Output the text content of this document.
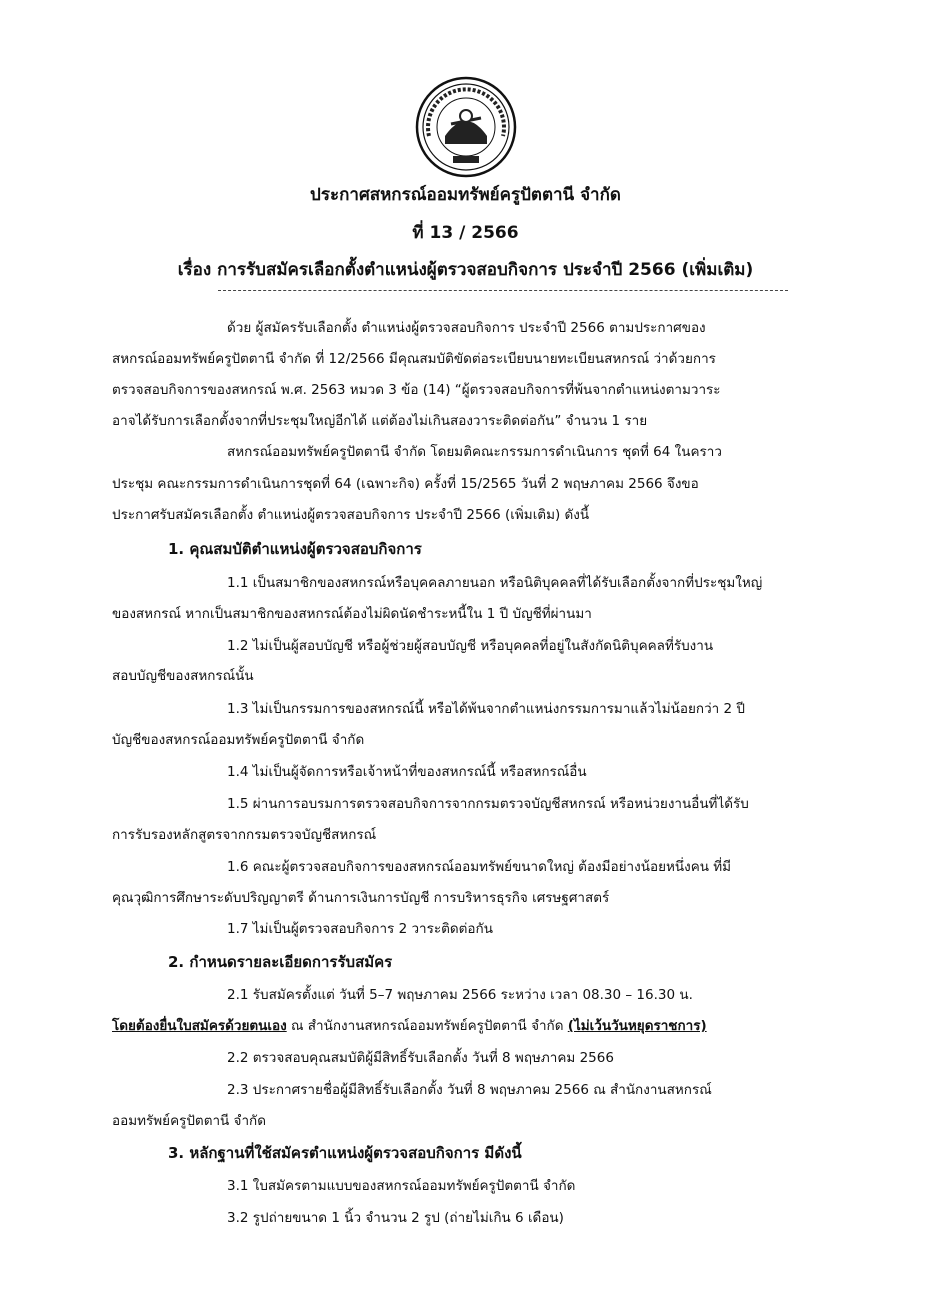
ประกาศสหกรณ์ออมทรัพย์ครูปัตตานี จำกัด
ที่ 13 / 2566
เรื่อง การรับสมัครเลือกตั้งตำแหน่งผู้ตรวจสอบกิจการ ประจำปี 2566 (เพิ่มเติม)
ด้วย ผู้สมัครรับเลือกตั้ง ตำแหน่งผู้ตรวจสอบกิจการ ประจำปี 2566 ตามประกาศของ
สหกรณ์ออมทรัพย์ครูปัตตานี จำกัด ที่ 12/2566 มีคุณสมบัติขัดต่อระเบียบนายทะเบียนสหกรณ์ ว่าด้วยการ
ตรวจสอบกิจการของสหกรณ์ พ.ศ. 2563 หมวด 3 ข้อ (14) “ผู้ตรวจสอบกิจการที่พ้นจากตำแหน่งตามวาระ
อาจได้รับการเลือกตั้งจากที่ประชุมใหญ่อีกได้ แต่ต้องไม่เกินสองวาระติดต่อกัน” จำนวน 1 ราย
สหกรณ์ออมทรัพย์ครูปัตตานี จำกัด โดยมติคณะกรรมการดำเนินการ ชุดที่ 64 ในคราว
ประชุม คณะกรรมการดำเนินการชุดที่ 64 (เฉพาะกิจ) ครั้งที่ 15/2565 วันที่ 2 พฤษภาคม 2566 จึงขอ
ประกาศรับสมัครเลือกตั้ง ตำแหน่งผู้ตรวจสอบกิจการ ประจำปี 2566 (เพิ่มเติม) ดังนี้
1. คุณสมบัติตำแหน่งผู้ตรวจสอบกิจการ
1.1 เป็นสมาชิกของสหกรณ์หรือบุคคลภายนอก หรือนิติบุคคลที่ได้รับเลือกตั้งจากที่ประชุมใหญ่
ของสหกรณ์ หากเป็นสมาชิกของสหกรณ์ต้องไม่ผิดนัดชำระหนี้ใน 1 ปี บัญชีที่ผ่านมา
1.2 ไม่เป็นผู้สอบบัญชี หรือผู้ช่วยผู้สอบบัญชี หรือบุคคลที่อยู่ในสังกัดนิติบุคคลที่รับงาน
สอบบัญชีของสหกรณ์นั้น
1.3 ไม่เป็นกรรมการของสหกรณ์นี้ หรือได้พ้นจากตำแหน่งกรรมการมาแล้วไม่น้อยกว่า 2 ปี
บัญชีของสหกรณ์ออมทรัพย์ครูปัตตานี จำกัด
1.4 ไม่เป็นผู้จัดการหรือเจ้าหน้าที่ของสหกรณ์นี้ หรือสหกรณ์อื่น
1.5 ผ่านการอบรมการตรวจสอบกิจการจากกรมตรวจบัญชีสหกรณ์ หรือหน่วยงานอื่นที่ได้รับ
การรับรองหลักสูตรจากกรมตรวจบัญชีสหกรณ์
1.6 คณะผู้ตรวจสอบกิจการของสหกรณ์ออมทรัพย์ขนาดใหญ่ ต้องมีอย่างน้อยหนึ่งคน ที่มี
คุณวุฒิการศึกษาระดับปริญญาตรี ด้านการเงินการบัญชี การบริหารธุรกิจ เศรษฐศาสตร์
1.7 ไม่เป็นผู้ตรวจสอบกิจการ 2 วาระติดต่อกัน
2. กำหนดรายละเอียดการรับสมัคร
2.1 รับสมัครตั้งแต่ วันที่ 5–7 พฤษภาคม 2566 ระหว่าง เวลา 08.30 – 16.30 น.
โดยต้องยื่นใบสมัครด้วยตนเอง ณ สำนักงานสหกรณ์ออมทรัพย์ครูปัตตานี จำกัด (ไม่เว้นวันหยุดราชการ)
2.2 ตรวจสอบคุณสมบัติผู้มีสิทธิ์รับเลือกตั้ง วันที่ 8 พฤษภาคม 2566
2.3 ประกาศรายชื่อผู้มีสิทธิ์รับเลือกตั้ง วันที่ 8 พฤษภาคม 2566 ณ สำนักงานสหกรณ์
ออมทรัพย์ครูปัตตานี จำกัด
3. หลักฐานที่ใช้สมัครตำแหน่งผู้ตรวจสอบกิจการ มีดังนี้
3.1 ใบสมัครตามแบบของสหกรณ์ออมทรัพย์ครูปัตตานี จำกัด
3.2 รูปถ่ายขนาด 1 นิ้ว จำนวน 2 รูป (ถ่ายไม่เกิน 6 เดือน)
